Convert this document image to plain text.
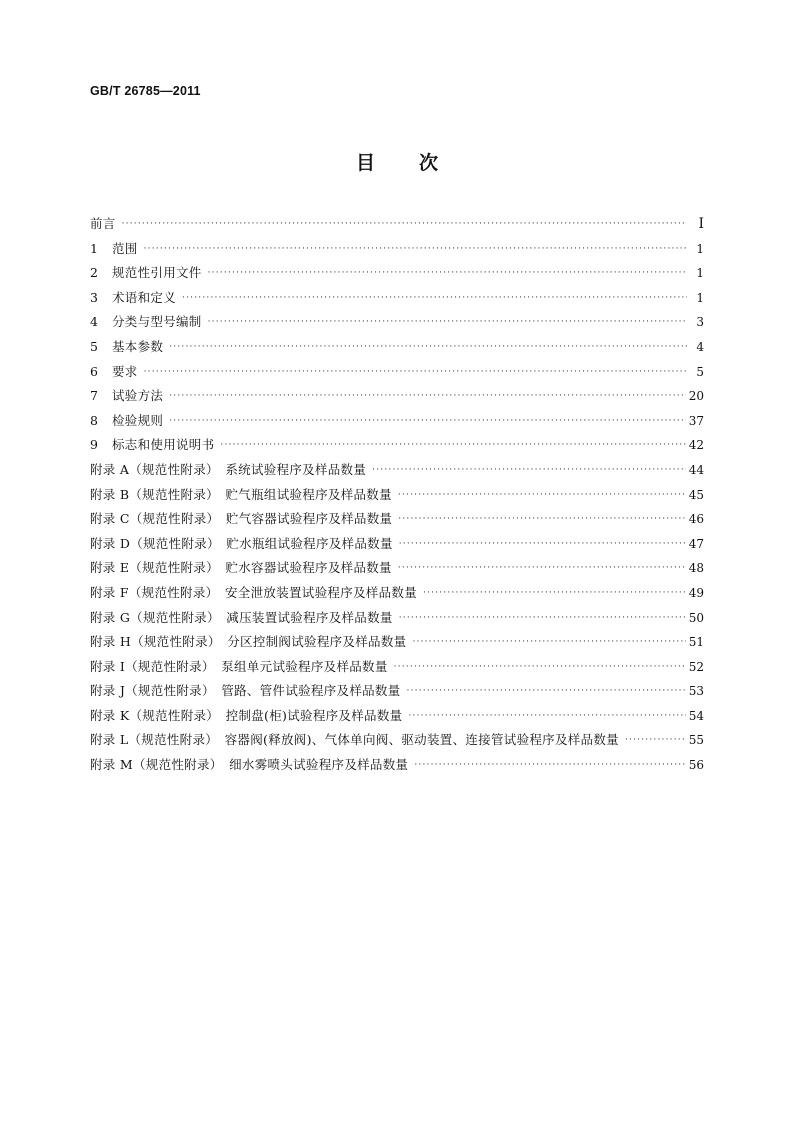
GB/T 26785—2011
目 次
前言 ·····	Ⅰ
1	范围 ·····	1
2	规范性引用文件 ·····	1
3	术语和定义 ·····	1
4	分类与型号编制 ·····	3
5	基本参数 ·····	4
6	要求 ·····	5
7	试验方法 ·····	20
8	检验规则 ·····	37
9	标志和使用说明书 ·····	42
附录 A（规范性附录）　系统试验程序及样品数量 ·····	44
附录 B（规范性附录）　贮气瓶组试验程序及样品数量 ·····	45
附录 C（规范性附录）　贮气容器试验程序及样品数量 ·····	46
附录 D（规范性附录）　贮水瓶组试验程序及样品数量 ·····	47
附录 E（规范性附录）　贮水容器试验程序及样品数量 ·····	48
附录 F（规范性附录）　安全泄放装置试验程序及样品数量 ·····	49
附录 G（规范性附录）　减压装置试验程序及样品数量 ·····	50
附录 H（规范性附录）　分区控制阀试验程序及样品数量 ·····	51
附录 I（规范性附录）　泵组单元试验程序及样品数量 ·····	52
附录 J（规范性附录）　管路、管件试验程序及样品数量 ·····	53
附录 K（规范性附录）　控制盘(柜)试验程序及样品数量 ·····	54
附录 L（规范性附录）　容器阀(释放阀)、气体单向阀、驱动装置、连接管试验程序及样品数量 ·····	55
附录 M（规范性附录）　细水雾喷头试验程序及样品数量 ·····	56
